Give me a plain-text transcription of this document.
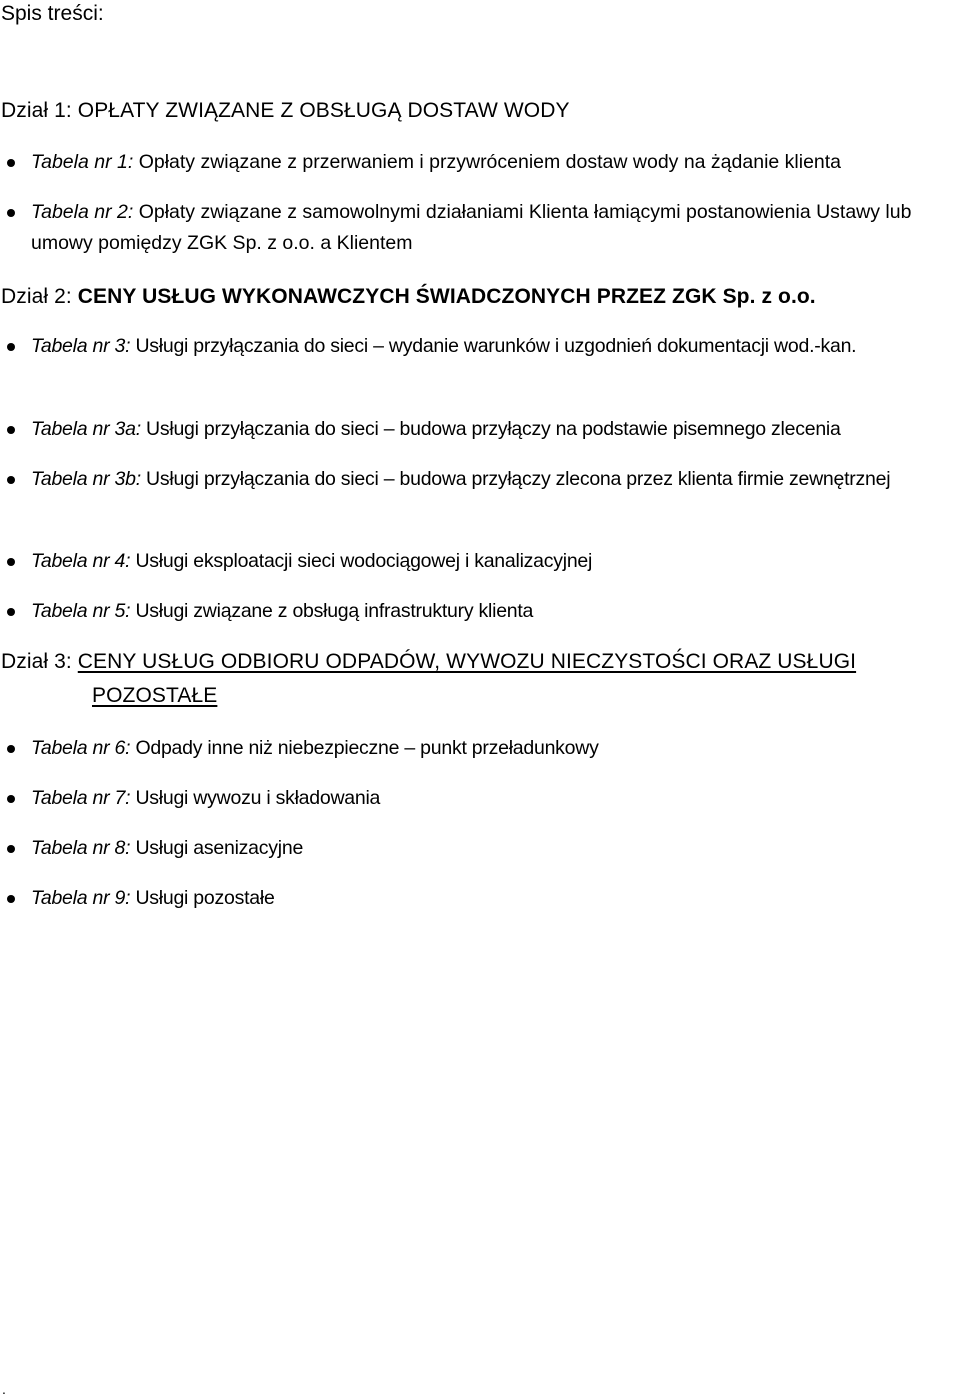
Spis treści:
Dział 1: OPŁATY ZWIĄZANE Z OBSŁUGĄ DOSTAW WODY
Tabela nr 1: Opłaty związane z przerwaniem i przywróceniem dostaw wody na żądanie klienta
Tabela nr 2: Opłaty związane z samowolnymi działaniami Klienta łamiącymi postanowienia Ustawy lub umowy pomiędzy ZGK Sp. z o.o. a Klientem
Dział 2: CENY USŁUG WYKONAWCZYCH ŚWIADCZONYCH PRZEZ ZGK Sp. z o.o.
Tabela nr 3: Usługi przyłączania do sieci – wydanie warunków i uzgodnień dokumentacji wod.-kan.
Tabela nr 3a: Usługi przyłączania do sieci – budowa przyłączy na podstawie pisemnego zlecenia
Tabela nr 3b: Usługi przyłączania do sieci – budowa przyłączy zlecona przez klienta firmie zewnętrznej
Tabela nr 4: Usługi eksploatacji sieci wodociągowej i kanalizacyjnej
Tabela nr 5: Usługi związane z obsługą infrastruktury klienta
Dział 3: CENY USŁUG ODBIORU ODPADÓW, WYWOZU NIECZYSTOŚCI ORAZ USŁUGI
POZOSTAŁE
Tabela nr 6: Odpady inne niż niebezpieczne – punkt przeładunkowy
Tabela nr 7: Usługi wywozu i składowania
Tabela nr 8: Usługi asenizacyjne
Tabela nr 9: Usługi pozostałe
.
